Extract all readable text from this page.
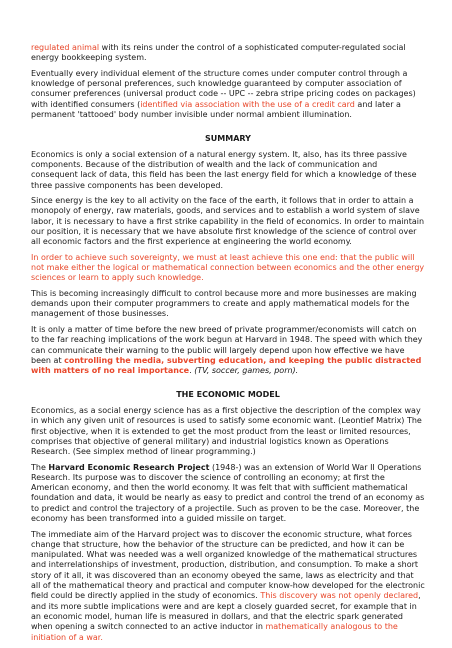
regulated animal with its reins under the control of a sophisticated computer-regulated social energy bookkeeping system.

Eventually every individual element of the structure comes under computer control through a knowledge of personal preferences, such knowledge guaranteed by computer association of consumer preferences (universal product code -- UPC -- zebra stripe pricing codes on packages) with identified consumers (identified via association with the use of a credit card and later a permanent 'tattooed' body number invisible under normal ambient illumination.

SUMMARY

Economics is only a social extension of a natural energy system. It, also, has its three passive components. Because of the distribution of wealth and the lack of communication and consequent lack of data, this field has been the last energy field for which a knowledge of these three passive components has been developed.

Since energy is the key to all activity on the face of the earth, it follows that in order to attain a monopoly of energy, raw materials, goods, and services and to establish a world system of slave labor, it is necessary to have a first strike capability in the field of economics. In order to maintain our position, it is necessary that we have absolute first knowledge of the science of control over all economic factors and the first experience at engineering the world economy.

In order to achieve such sovereignty, we must at least achieve this one end: that the public will not make either the logical or mathematical connection between economics and the other energy sciences or learn to apply such knowledge.

This is becoming increasingly difficult to control because more and more businesses are making demands upon their computer programmers to create and apply mathematical models for the management of those businesses.

It is only a matter of time before the new breed of private programmer/economists will catch on to the far reaching implications of the work begun at Harvard in 1948. The speed with which they can communicate their warning to the public will largely depend upon how effective we have been at controlling the media, subverting education, and keeping the public distracted with matters of no real importance. (TV, soccer, games, porn).

THE ECONOMIC MODEL

Economics, as a social energy science has as a first objective the description of the complex way in which any given unit of resources is used to satisfy some economic want. (Leontief Matrix) The first objective, when it is extended to get the most product from the least or limited resources, comprises that objective of general military) and industrial logistics known as Operations Research. (See simplex method of linear programming.)

The Harvard Economic Research Project (1948-) was an extension of World War II Operations Research. Its purpose was to discover the science of controlling an economy; at first the American economy, and then the world economy. It was felt that with sufficient mathematical foundation and data, it would be nearly as easy to predict and control the trend of an economy as to predict and control the trajectory of a projectile. Such as proven to be the case. Moreover, the economy has been transformed into a guided missile on target.

The immediate aim of the Harvard project was to discover the economic structure, what forces change that structure, how the behavior of the structure can be predicted, and how it can be manipulated. What was needed was a well organized knowledge of the mathematical structures and interrelationships of investment, production, distribution, and consumption. To make a short story of it all, it was discovered than an economy obeyed the same, laws as electricity and that all of the mathematical theory and practical and computer know-how developed for the electronic field could be directly applied in the study of economics. This discovery was not openly declared, and its more subtle implications were and are kept a closely guarded secret, for example that in an economic model, human life is measured in dollars, and that the electric spark generated when opening a switch connected to an active inductor in mathematically analogous to the initiation of a war.
